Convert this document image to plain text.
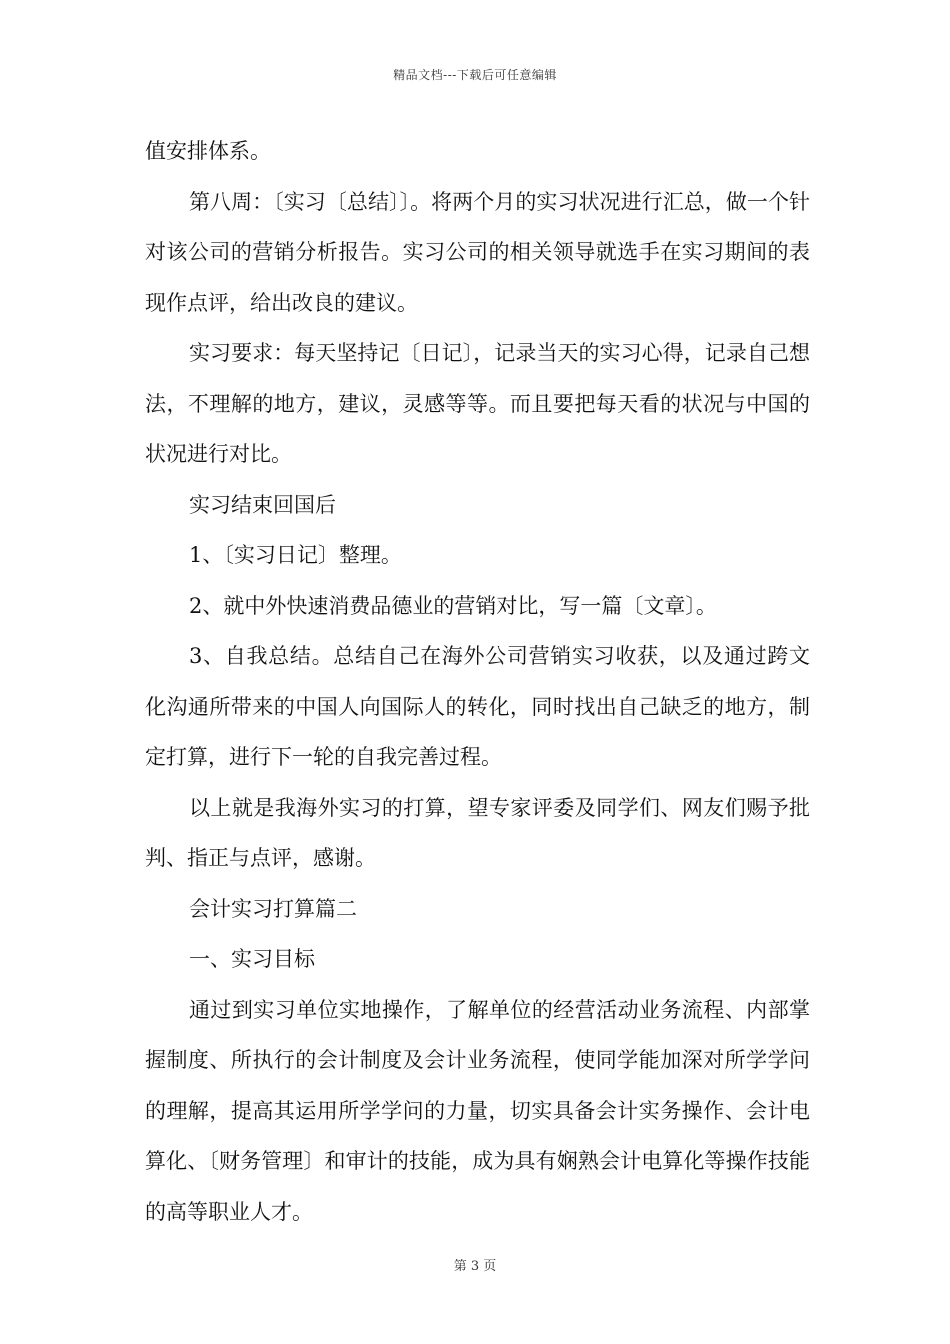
精品文档---下载后可任意编辑

值安排体系。

第八周：〔实习〔总结〕〕。将两个月的实习状况进行汇总，做一个针对该公司的营销分析报告。实习公司的相关领导就选手在实习期间的表现作点评，给出改良的建议。

实习要求：每天坚持记〔日记〕，记录当天的实习心得，记录自己想法，不理解的地方，建议，灵感等等。而且要把每天看的状况与中国的状况进行对比。

实习结束回国后

1、〔实习日记〕整理。

2、就中外快速消费品德业的营销对比，写一篇〔文章〕。

3、自我总结。总结自己在海外公司营销实习收获，以及通过跨文化沟通所带来的中国人向国际人的转化，同时找出自己缺乏的地方，制定打算，进行下一轮的自我完善过程。

以上就是我海外实习的打算，望专家评委及同学们、网友们赐予批判、指正与点评，感谢。

会计实习打算篇二

一、实习目标

通过到实习单位实地操作，了解单位的经营活动业务流程、内部掌握制度、所执行的会计制度及会计业务流程，使同学能加深对所学学问的理解，提高其运用所学学问的力量，切实具备会计实务操作、会计电算化、〔财务管理〕和审计的技能，成为具有娴熟会计电算化等操作技能的高等职业人才。

第 3 页
